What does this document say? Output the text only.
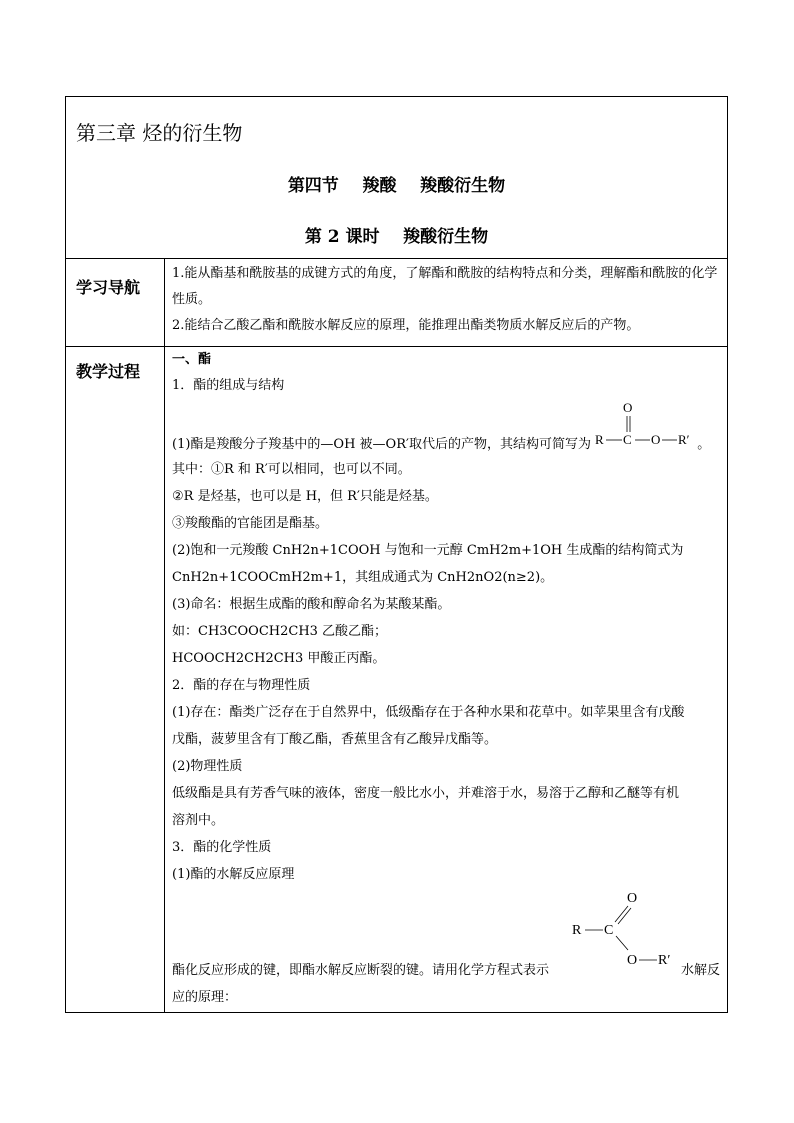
第三章 烃的衍生物
第四节    羧酸    羧酸衍生物
第 2 课时    羧酸衍生物
学习导航

1.能从酯基和酰胺基的成键方式的角度，了解酯和酰胺的结构特点和分类，理解酯和酰胺的化学性质。

2.能结合乙酸乙酯和酰胺水解反应的原理，能推理出酯类物质水解反应后的产物。

教学过程
一、酯
1．酯的组成与结构
(1)酯是羧酸分子羧基中的—OH 被—OR′取代后的产物，其结构可简写为 R C
O
O R′ 。
其中：①R 和 R′可以相同，也可以不同。
②R 是烃基，也可以是 H，但 R′只能是烃基。
③羧酸酯的官能团是酯基。
(2)饱和一元羧酸 CnH2n+1COOH 与饱和一元醇 CmH2m+1OH 生成酯的结构简式为
CnH2n+1COOCmH2m+1，其组成通式为 CnH2nO2(n≥2)。
(3)命名：根据生成酯的酸和醇命名为某酸某酯。
如：CH3COOCH2CH3 乙酸乙酯；
HCOOCH2CH2CH3 甲酸正丙酯。
2．酯的存在与物理性质
(1)存在：酯类广泛存在于自然界中，低级酯存在于各种水果和花草中。如苹果里含有戊酸
戊酯，菠萝里含有丁酸乙酯，香蕉里含有乙酸异戊酯等。
(2)物理性质
低级酯是具有芳香气味的液体，密度一般比水小，并难溶于水，易溶于乙醇和乙醚等有机
溶剂中。
3．酯的化学性质
(1)酯的水解反应原理
R C
O
O R′
酯化反应形成的键，即酯水解反应断裂的键。请用化学方程式表示	水解反
应的原理：
